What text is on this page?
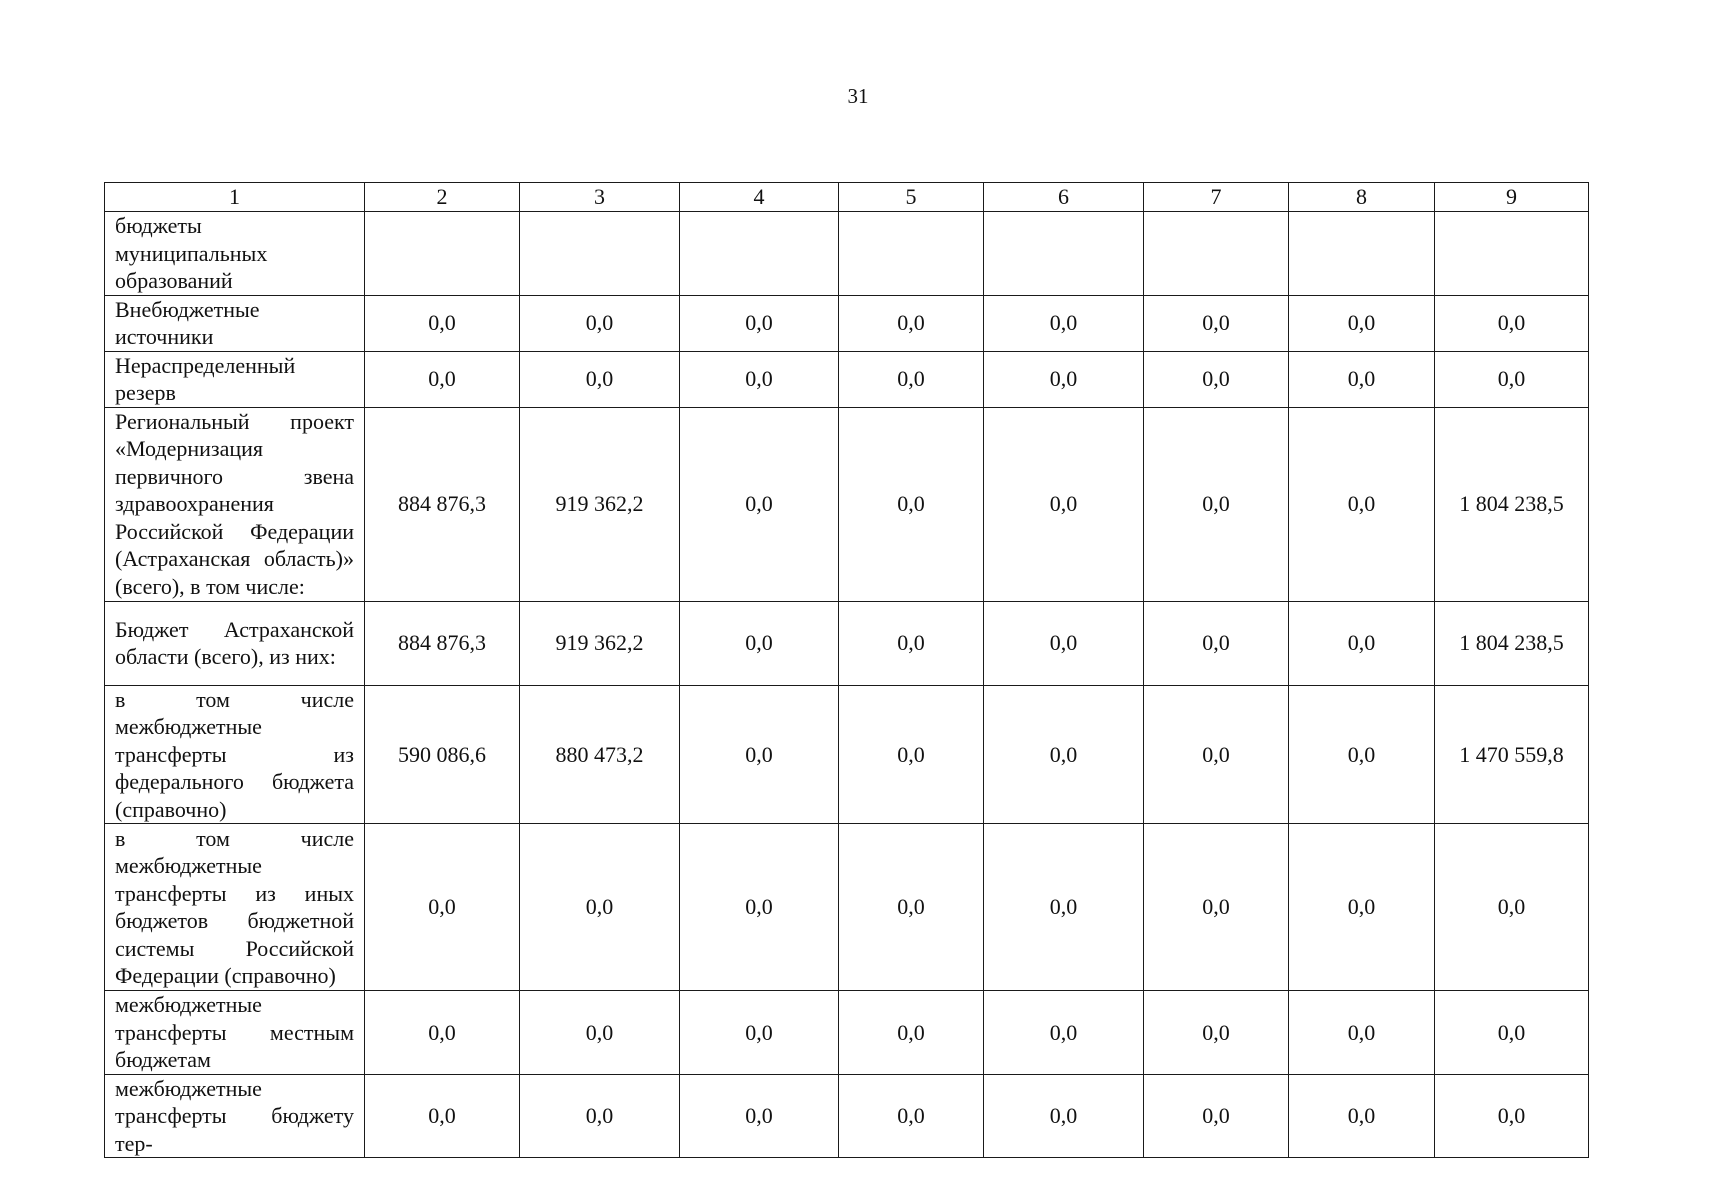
31
1	2	3	4	5	6	7	8	9
бюджеты муниципальных образований								
Внебюджетные источники	0,0	0,0	0,0	0,0	0,0	0,0	0,0	0,0
Нераспределенный резерв	0,0	0,0	0,0	0,0	0,0	0,0	0,0	0,0
Региональный проект «Модернизация первичного звена здравоохранения Российской Федерации (Астраханская область)» (всего), в том числе:	884 876,3	919 362,2	0,0	0,0	0,0	0,0	0,0	1 804 238,5
Бюджет Астраханской области (всего), из них:	884 876,3	919 362,2	0,0	0,0	0,0	0,0	0,0	1 804 238,5
в том числе межбюджетные трансферты из федерального бюджета (справочно)	590 086,6	880 473,2	0,0	0,0	0,0	0,0	0,0	1 470 559,8
в том числе межбюджетные трансферты из иных бюджетов бюджетной системы Российской Федерации (справочно)	0,0	0,0	0,0	0,0	0,0	0,0	0,0	0,0
межбюджетные трансферты местным бюджетам	0,0	0,0	0,0	0,0	0,0	0,0	0,0	0,0
межбюджетные трансферты бюджету тер-	0,0	0,0	0,0	0,0	0,0	0,0	0,0	0,0
